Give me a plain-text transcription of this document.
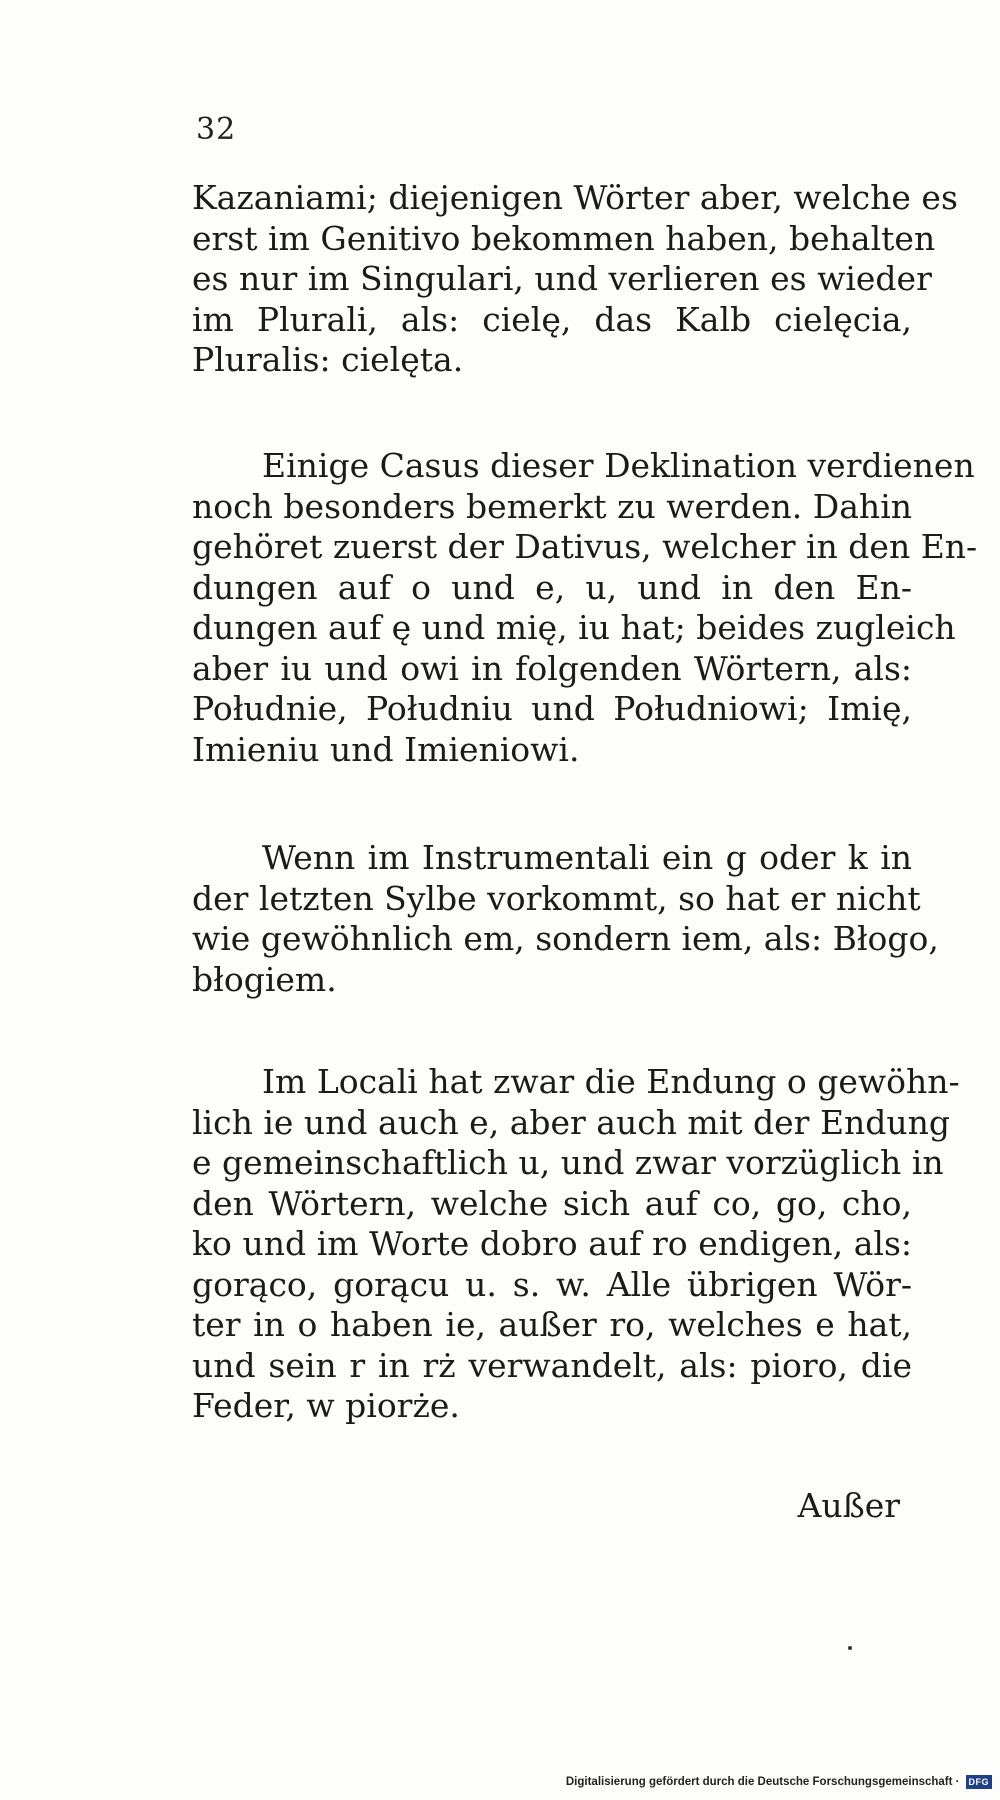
32
Kazaniami; diejenigen Wörter aber, welche es
erst im Genitivo bekommen haben, behalten
es nur im Singulari, und verlieren es wieder
im Plurali, als: cielę, das Kalb cielęcia,
Pluralis: cielęta.
Einige Casus dieser Deklination verdienen
noch besonders bemerkt zu werden. Dahin
gehöret zuerst der Dativus, welcher in den En-
dungen auf o und e, u, und in den En-
dungen auf ę und mię, iu hat; beides zugleich
aber iu und owi in folgenden Wörtern, als:
Południe, Południu und Południowi; Imię,
Imieniu und Imieniowi.
Wenn im Instrumentali ein g oder k in
der letzten Sylbe vorkommt, so hat er nicht
wie gewöhnlich em, sondern iem, als: Błogo,
błogiem.
Im Locali hat zwar die Endung o gewöhn-
lich ie und auch e, aber auch mit der Endung
e gemeinschaftlich u, und zwar vorzüglich in
den Wörtern, welche sich auf co, go, cho,
ko und im Worte dobro auf ro endigen, als:
gorąco, gorącu u. s. w. Alle übrigen Wör-
ter in o haben ie, außer ro, welches e hat,
und sein r in rż verwandelt, als: pioro, die
Feder, w piorże.
Außer
Digitalisierung gefördert durch die Deutsche Forschungsgemeinschaft ·	DFG
